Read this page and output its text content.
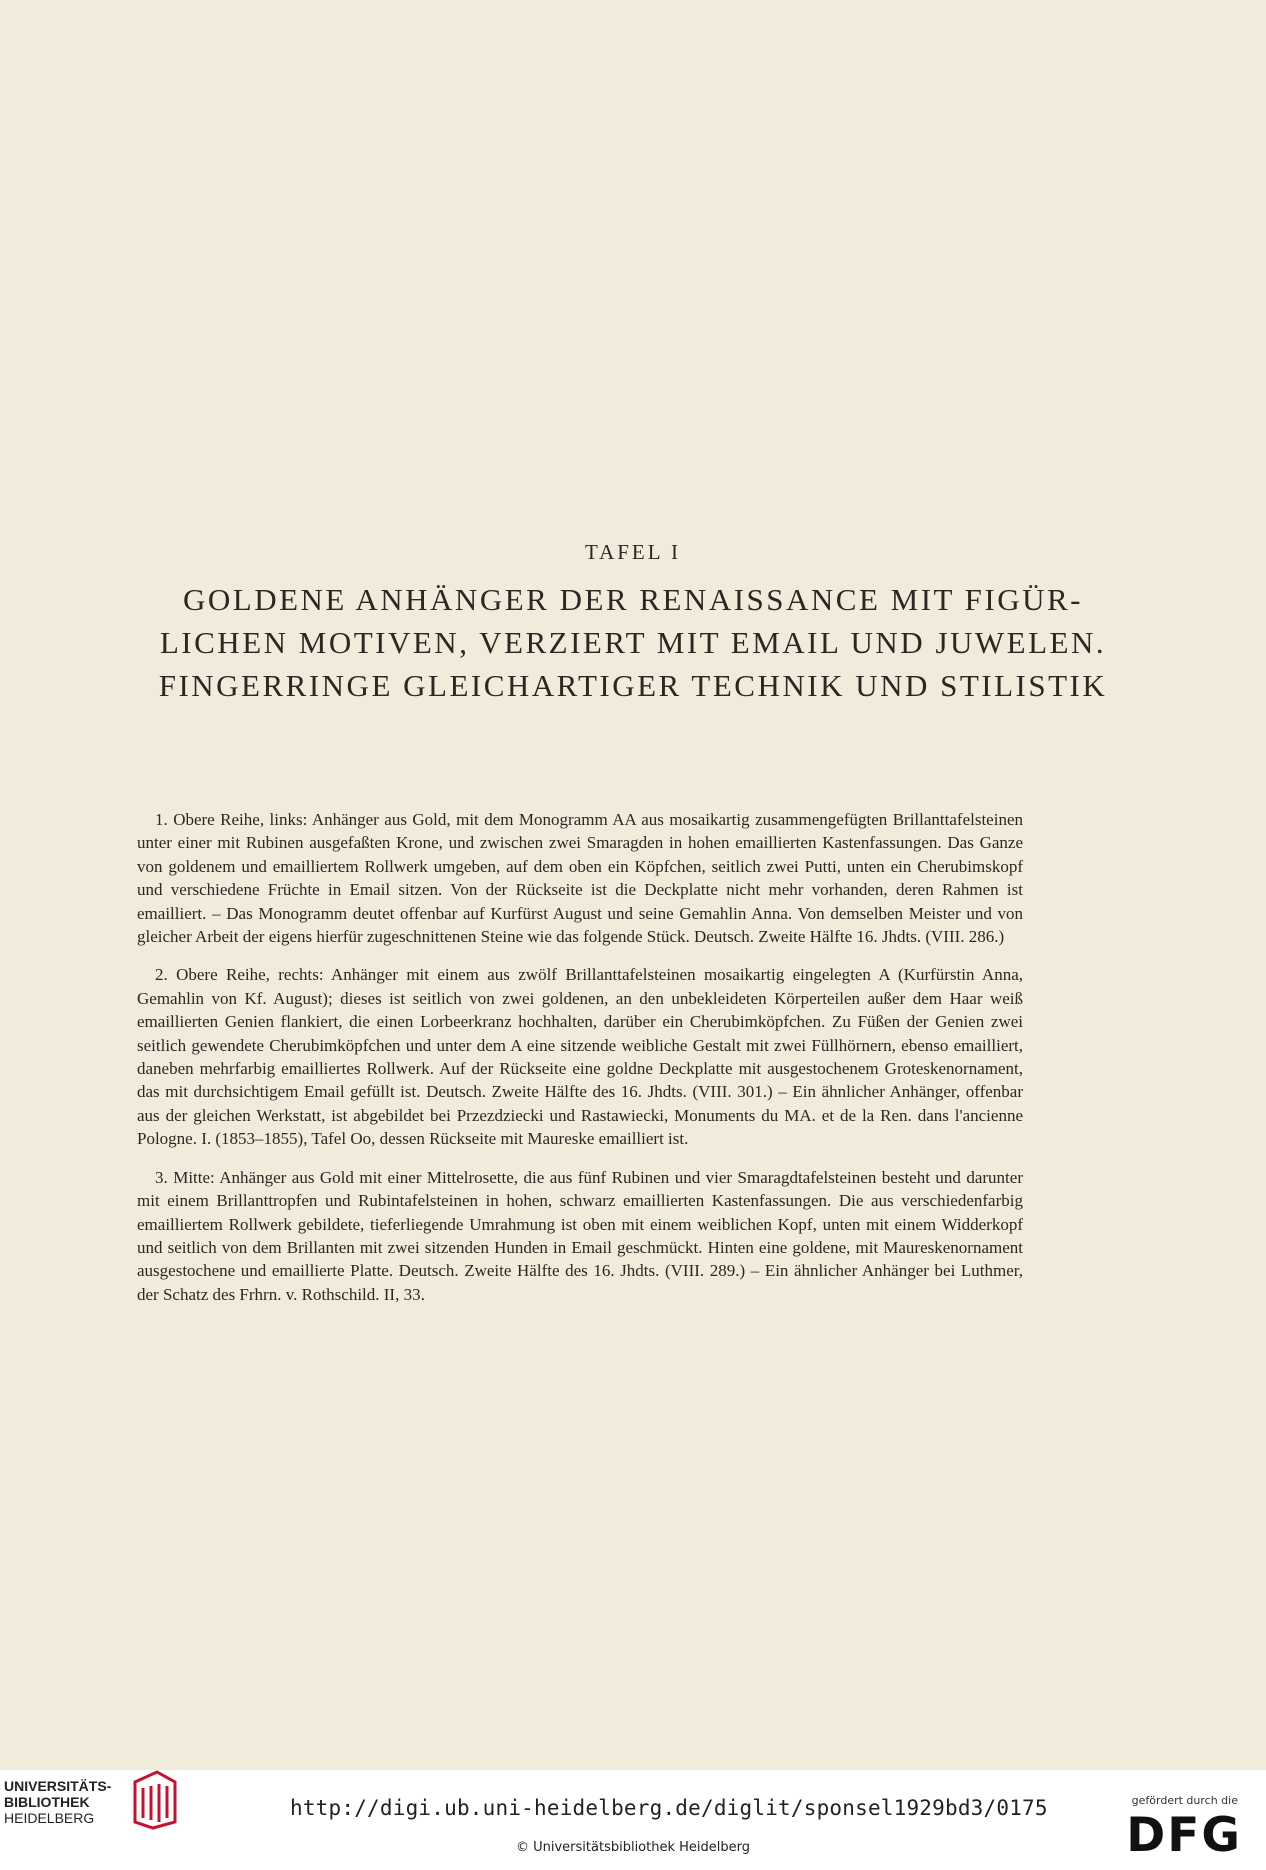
TAFEL I
GOLDENE ANHÄNGER DER RENAISSANCE MIT FIGÜR-
LICHEN MOTIVEN, VERZIERT MIT EMAIL UND JUWELEN.
FINGERRINGE GLEICHARTIGER TECHNIK UND STILISTIK

1. Obere Reihe, links: Anhänger aus Gold, mit dem Monogramm AA aus mosaikartig zusammengefügten Brillanttafelsteinen unter einer mit Rubinen ausgefaßten Krone, und zwischen zwei Smaragden in hohen emaillierten Kastenfassungen. Das Ganze von goldenem und emailliertem Rollwerk umgeben, auf dem oben ein Köpfchen, seitlich zwei Putti, unten ein Cherubimskopf und verschiedene Früchte in Email sitzen. Von der Rückseite ist die Deckplatte nicht mehr vorhanden, deren Rahmen ist emailliert. – Das Monogramm deutet offenbar auf Kurfürst August und seine Gemahlin Anna. Von demselben Meister und von gleicher Arbeit der eigens hierfür zugeschnittenen Steine wie das folgende Stück. Deutsch. Zweite Hälfte 16. Jhdts. (VIII. 286.)

2. Obere Reihe, rechts: Anhänger mit einem aus zwölf Brillanttafelsteinen mosaikartig eingelegten A (Kurfürstin Anna, Gemahlin von Kf. August); dieses ist seitlich von zwei goldenen, an den unbekleideten Körperteilen außer dem Haar weiß emaillierten Genien flankiert, die einen Lorbeerkranz hochhalten, darüber ein Cherubimköpfchen. Zu Füßen der Genien zwei seitlich gewendete Cherubimköpfchen und unter dem A eine sitzende weibliche Gestalt mit zwei Füllhörnern, ebenso emailliert, daneben mehrfarbig emailliertes Rollwerk. Auf der Rückseite eine goldne Deckplatte mit ausgestochenem Groteskenornament, das mit durchsichtigem Email gefüllt ist. Deutsch. Zweite Hälfte des 16. Jhdts. (VIII. 301.) – Ein ähnlicher Anhänger, offenbar aus der gleichen Werkstatt, ist abgebildet bei Przezdziecki und Rastawiecki, Monuments du MA. et de la Ren. dans l'ancienne Pologne. I. (1853–1855), Tafel Oo, dessen Rückseite mit Maureske emailliert ist.

3. Mitte: Anhänger aus Gold mit einer Mittelrosette, die aus fünf Rubinen und vier Smaragdtafelsteinen besteht und darunter mit einem Brillanttropfen und Rubintafelsteinen in hohen, schwarz emaillierten Kastenfassungen. Die aus verschiedenfarbig emailliertem Rollwerk gebildete, tieferliegende Umrahmung ist oben mit einem weiblichen Kopf, unten mit einem Widderkopf und seitlich von dem Brillanten mit zwei sitzenden Hunden in Email geschmückt. Hinten eine goldene, mit Maureskenornament ausgestochene und emaillierte Platte. Deutsch. Zweite Hälfte des 16. Jhdts. (VIII. 289.) – Ein ähnlicher Anhänger bei Luthmer, der Schatz des Frhrn. v. Rothschild. II, 33.

UNIVERSITÄTS-
BIBLIOTHEK
HEIDELBERG	http://digi.ub.uni-heidelberg.de/diglit/sponsel1929bd3/0175
© Universitätsbibliothek Heidelberg
gefördert durch die
DFG
